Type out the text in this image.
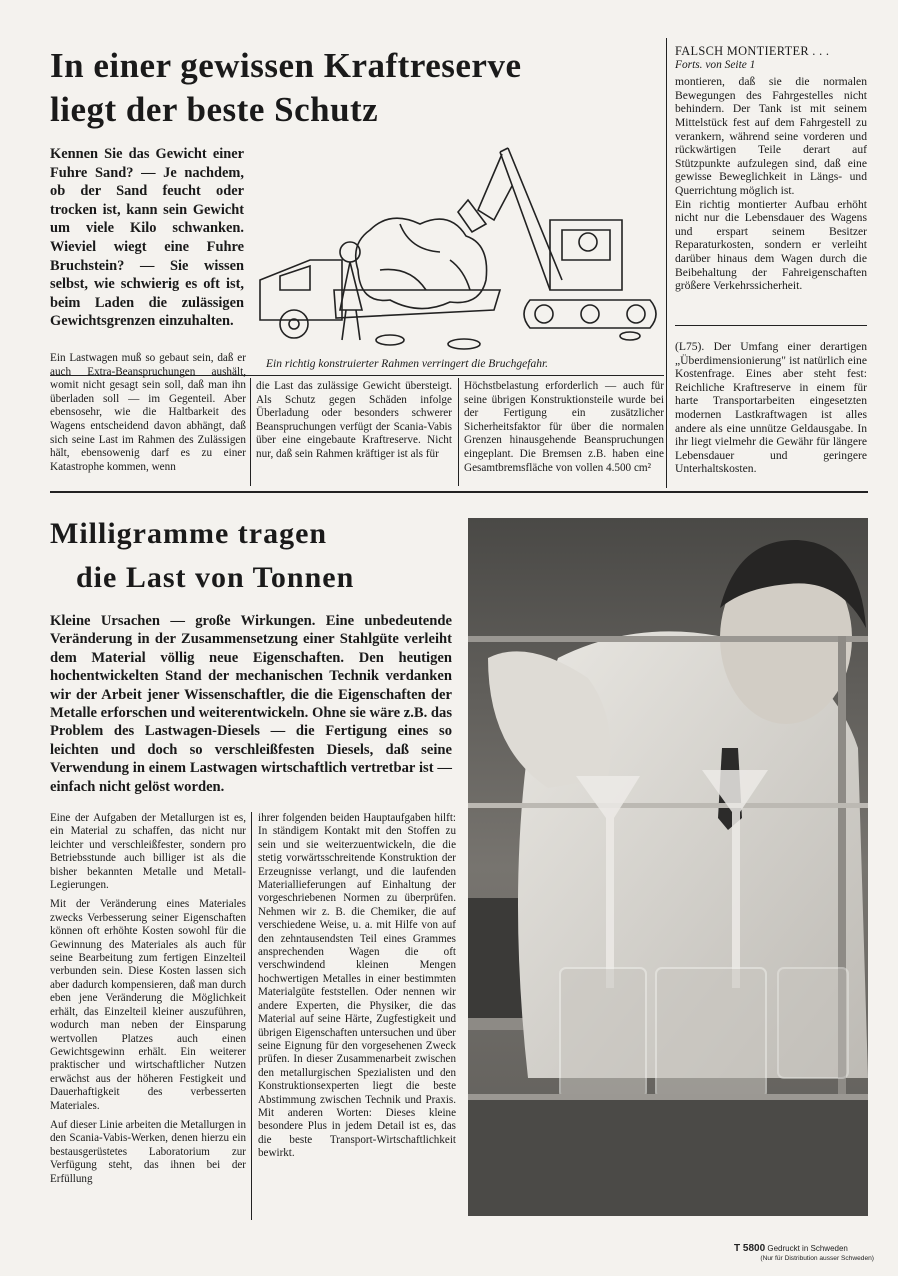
In einer gewissen Kraftreserve
liegt der beste Schutz
Kennen Sie das Gewicht einer Fuhre Sand? — Je nachdem, ob der Sand feucht oder trocken ist, kann sein Gewicht um viele Kilo schwanken. Wieviel wiegt eine Fuhre Bruchstein? — Sie wissen selbst, wie schwierig es oft ist, beim Laden die zulässigen Gewichtsgrenzen einzuhalten.
Ein richtig konstruierter Rahmen verringert die Bruchgefahr.
Ein Lastwagen muß so gebaut sein, daß er auch Extra-Beanspruchungen aushält, womit nicht gesagt sein soll, daß man ihn überladen soll — im Gegenteil. Aber ebensosehr, wie die Haltbarkeit des Wagens entscheidend davon abhängt, daß sich seine Last im Rahmen des Zulässigen hält, ebensowenig darf es zu einer Katastrophe kommen, wenn
die Last das zulässige Gewicht übersteigt. Als Schutz gegen Schäden infolge Überladung oder besonders schwerer Beanspruchungen verfügt der Scania-Vabis über eine eingebaute Kraftreserve. Nicht nur, daß sein Rahmen kräftiger ist als für
Höchstbelastung erforderlich — auch für seine übrigen Konstruktionsteile wurde bei der Fertigung ein zusätzlicher Sicherheitsfaktor für über die normalen Grenzen hinausgehende Beanspruchungen eingeplant. Die Bremsen z.B. haben eine Gesamtbremsfläche von vollen 4.500 cm²
FALSCH MONTIERTER . . .
Forts. von Seite 1

montieren, daß sie die normalen Bewegungen des Fahrgestelles nicht behindern. Der Tank ist mit seinem Mittelstück fest auf dem Fahrgestell zu verankern, während seine vorderen und rückwärtigen Teile derart auf Stützpunkte aufzulegen sind, daß eine gewisse Beweglichkeit in Längs- und Querrichtung möglich ist.

Ein richtig montierter Aufbau erhöht nicht nur die Lebensdauer des Wagens und erspart seinem Besitzer Reparaturkosten, sondern er verleiht darüber hinaus dem Wagen durch die Beibehaltung der Fahreigenschaften größere Verkehrssicherheit.

(L75). Der Umfang einer derartigen „Überdimensionierung" ist natürlich eine Kostenfrage. Eines aber steht fest: Reichliche Kraftreserve in einem für harte Transportarbeiten eingesetzten modernen Lastkraftwagen ist alles andere als eine unnütze Geldausgabe. In ihr liegt vielmehr die Gewähr für längere Lebensdauer und geringere Unterhaltskosten.
Milligramme tragen
die Last von Tonnen
Kleine Ursachen — große Wirkungen. Eine unbedeutende Veränderung in der Zusammensetzung einer Stahlgüte verleiht dem Material völlig neue Eigenschaften. Den heutigen hochentwickelten Stand der mechanischen Technik verdanken wir der Arbeit jener Wissenschaftler, die die Eigenschaften der Metalle erforschen und weiterentwickeln. Ohne sie wäre z.B. das Problem des Lastwagen-Diesels — die Fertigung eines so leichten und doch so verschleißfesten Diesels, daß seine Verwendung in einem Lastwagen wirtschaftlich vertretbar ist — einfach nicht gelöst worden.

Eine der Aufgaben der Metallurgen ist es, ein Material zu schaffen, das nicht nur leichter und verschleißfester, sondern pro Betriebsstunde auch billiger ist als die bisher bekannten Metalle und Metall-Legierungen.

Mit der Veränderung eines Materiales zwecks Verbesserung seiner Eigenschaften können oft erhöhte Kosten sowohl für die Gewinnung des Materiales als auch für seine Bearbeitung zum fertigen Einzelteil verbunden sein. Diese Kosten lassen sich aber dadurch kompensieren, daß man durch eben jene Veränderung die Möglichkeit erhält, das Einzelteil kleiner auszuführen, wodurch man neben der Einsparung wertvollen Platzes auch einen Gewichtsgewinn erhält. Ein weiterer praktischer und wirtschaftlicher Nutzen erwächst aus der höheren Festigkeit und Dauerhaftigkeit des verbesserten Materiales.

Auf dieser Linie arbeiten die Metallurgen in den Scania-Vabis-Werken, denen hierzu ein bestausgerüstetes Laboratorium zur Verfügung steht, das ihnen bei der Erfüllung

ihrer folgenden beiden Hauptaufgaben hilft: In ständigem Kontakt mit den Stoffen zu sein und sie weiterzuentwickeln, die die stetig vorwärtsschreitende Konstruktion der Erzeugnisse verlangt, und die laufenden Materiallieferungen auf Einhaltung der vorgeschriebenen Normen zu überprüfen. Nehmen wir z. B. die Chemiker, die auf verschiedene Weise, u. a. mit Hilfe von auf den zehntausendsten Teil eines Grammes ansprechenden Wagen die oft verschwindend kleinen Mengen hochwertigen Metalles in einer bestimmten Materialgüte feststellen. Oder nennen wir andere Experten, die Physiker, die das Material auf seine Härte, Zugfestigkeit und übrigen Eigenschaften untersuchen und über seine Eignung für den vorgesehenen Zweck prüfen. In dieser Zusammenarbeit zwischen den metallurgischen Spezialisten und den Konstruktionsexperten liegt die beste Abstimmung zwischen Technik und Praxis. Mit anderen Worten: Dieses kleine besondere Plus in jedem Detail ist es, das die beste Transport-Wirtschaftlichkeit bewirkt.
T 5800 Gedruckt in Schweden
(Nur für Distribution ausser Schweden)
